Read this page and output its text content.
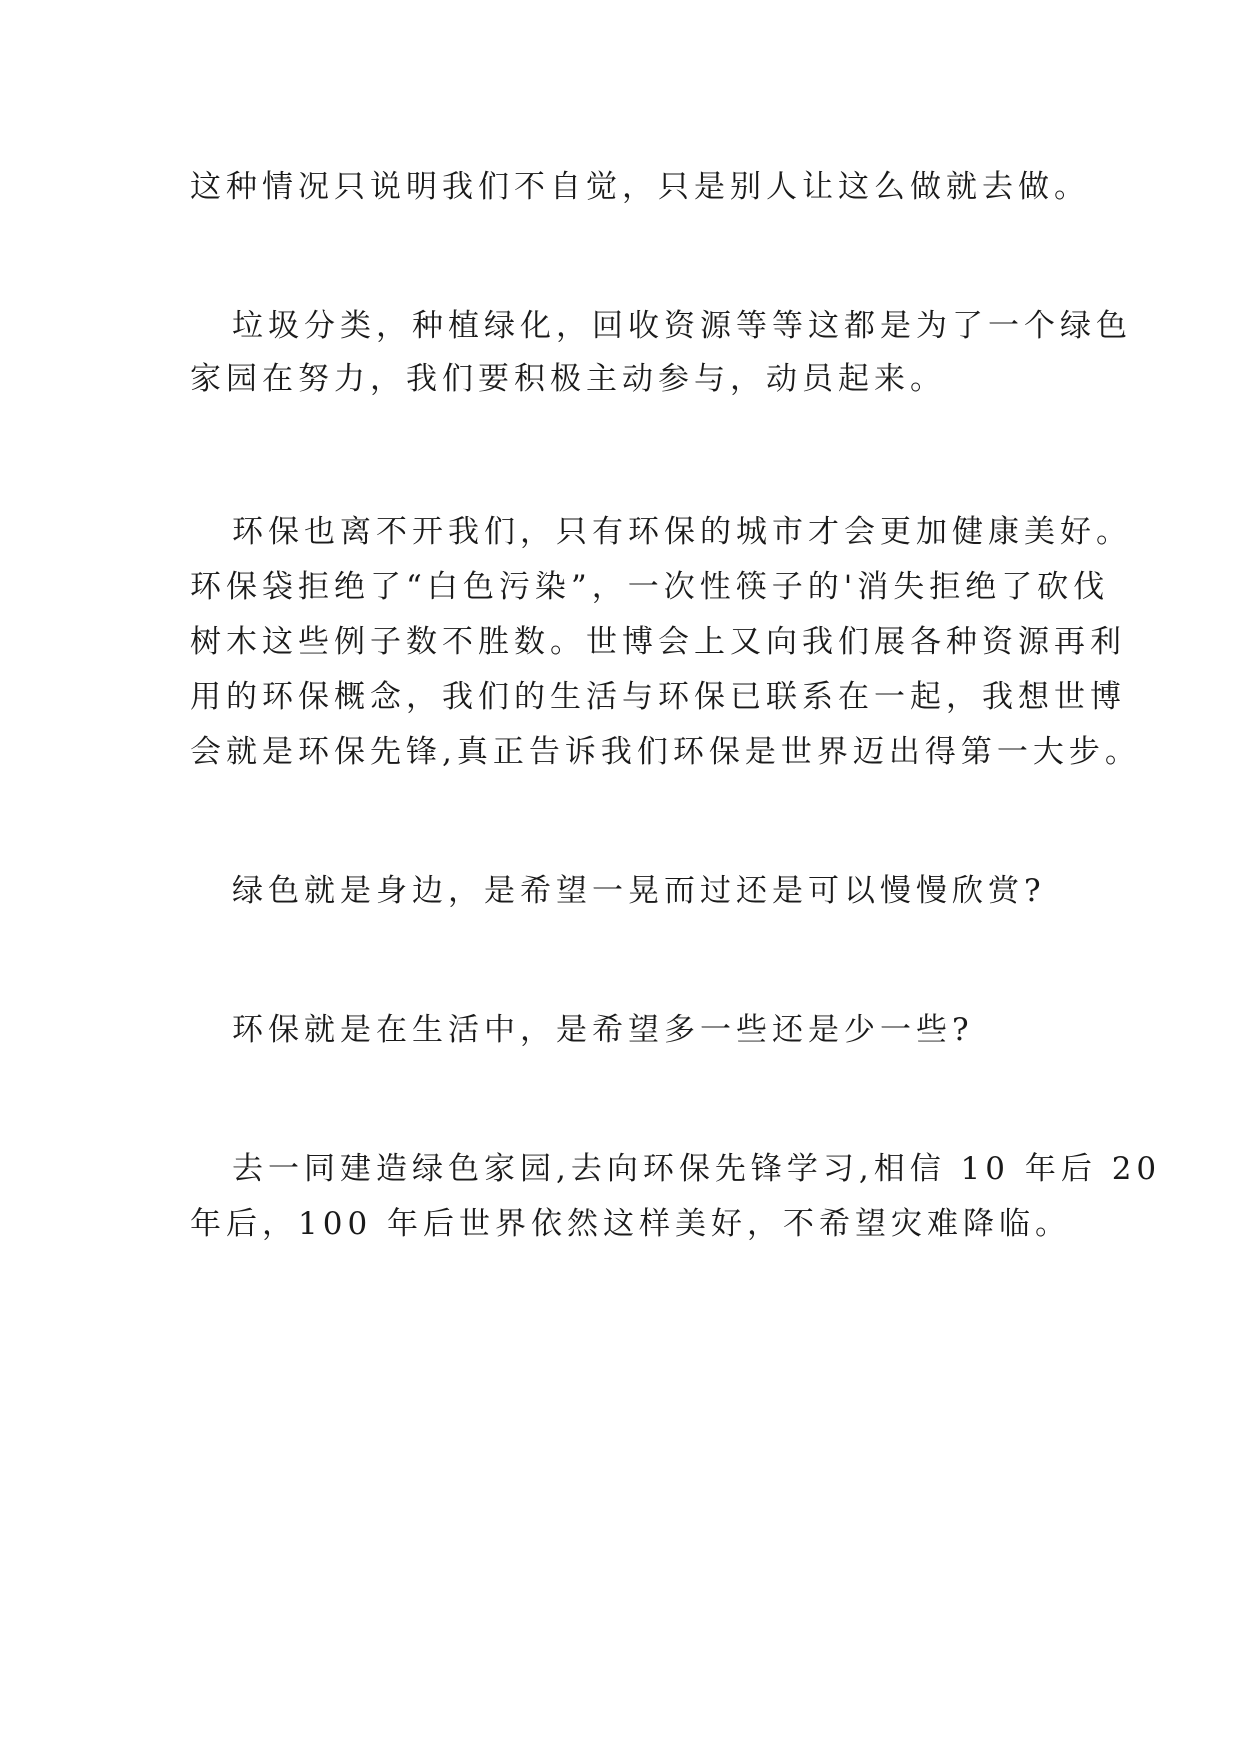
这种情况只说明我们不自觉，只是别人让这么做就去做。

垃圾分类，种植绿化，回收资源等等这都是为了一个绿色

家园在努力，我们要积极主动参与，动员起来。

环保也离不开我们，只有环保的城市才会更加健康美好。

环保袋拒绝了“白色污染”，一次性筷子的'消失拒绝了砍伐

树木这些例子数不胜数。世博会上又向我们展各种资源再利

用的环保概念，我们的生活与环保已联系在一起，我想世博

会就是环保先锋,真正告诉我们环保是世界迈出得第一大步。

绿色就是身边，是希望一晃而过还是可以慢慢欣赏?

环保就是在生活中，是希望多一些还是少一些?

去一同建造绿色家园,去向环保先锋学习,相信 10 年后 20

年后，100 年后世界依然这样美好，不希望灾难降临。
